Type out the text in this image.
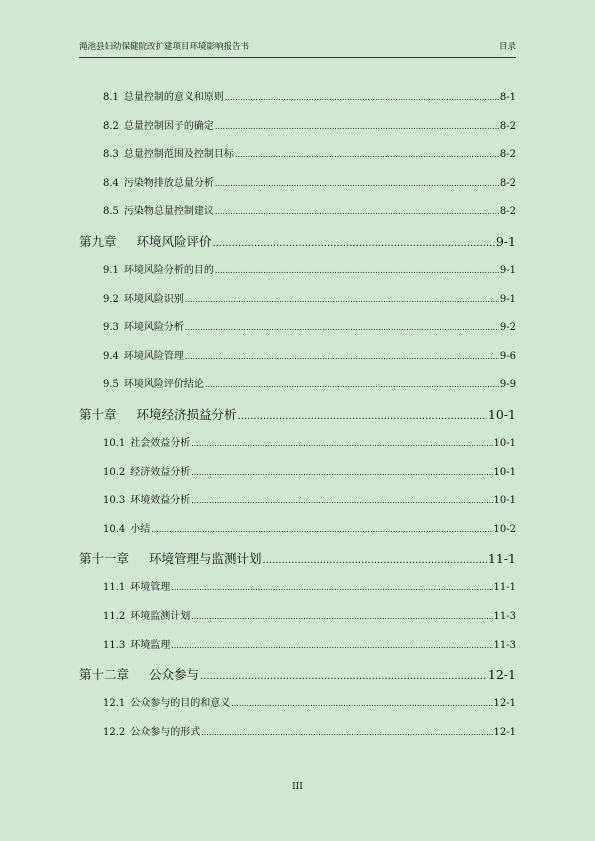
渑池县妇幼保健院改扩建项目环境影响报告书	目录
8.1 总量控制的意义和原则 .....	8-1
8.2 总量控制因子的确定 .....	8-2
8.3 总量控制范围及控制目标 .....	8-2
8.4 污染物排放总量分析 .....	8-2
8.5 污染物总量控制建议 .....	8-2
第九章 环境风险评价 .....	9-1
9.1 环境风险分析的目的 .....	9-1
9.2 环境风险识别 .....	9-1
9.3 环境风险分析 .....	9-2
9.4 环境风险管理 .....	9-6
9.5 环境风险评价结论 .....	9-9
第十章 环境经济损益分析 .....	10-1
10.1 社会效益分析 .....	10-1
10.2 经济效益分析 .....	10-1
10.3 环境效益分析 .....	10-1
10.4 小结 .....	10-2
第十一章 环境管理与监测计划 .....	11-1
11.1 环境管理 .....	11-1
11.2 环境监测计划 .....	11-3
11.3 环境监理 .....	11-3
第十二章 公众参与 .....	12-1
12.1 公众参与的目的和意义 .....	12-1
12.2 公众参与的形式 .....	12-1
III
